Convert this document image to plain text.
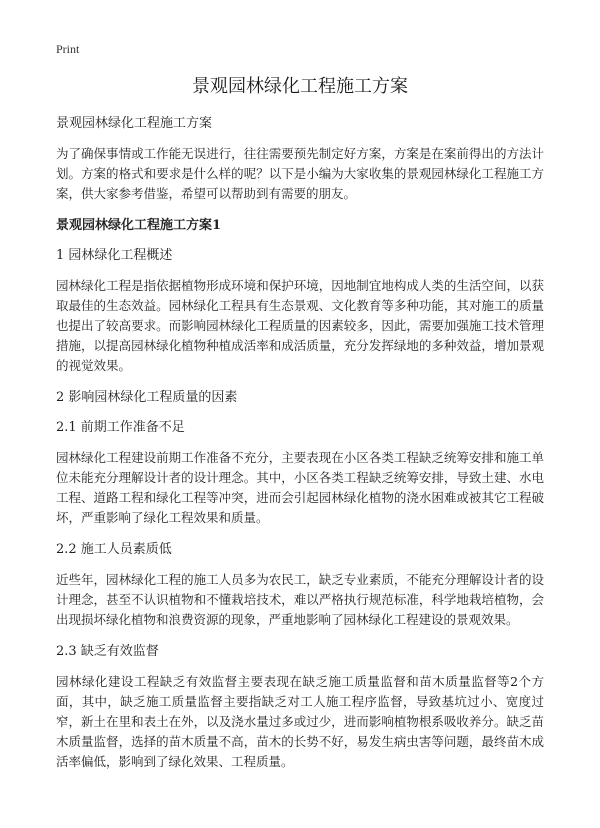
Print
景观园林绿化工程施工方案
景观园林绿化工程施工方案

为了确保事情或工作能无误进行，往往需要预先制定好方案，方案是在案前得出的方法计划。方案的格式和要求是什么样的呢？以下是小编为大家收集的景观园林绿化工程施工方案，供大家参考借鉴，希望可以帮助到有需要的朋友。

景观园林绿化工程施工方案1
1 园林绿化工程概述

园林绿化工程是指依据植物形成环境和保护环境，因地制宜地构成人类的生活空间，以获取最佳的生态效益。园林绿化工程具有生态景观、文化教育等多种功能，其对施工的质量也提出了较高要求。而影响园林绿化工程质量的因素较多，因此，需要加强施工技术管理措施，以提高园林绿化植物种植成活率和成活质量，充分发挥绿地的多种效益，增加景观的视觉效果。

2 影响园林绿化工程质量的因素
2.1 前期工作准备不足

园林绿化工程建设前期工作准备不充分，主要表现在小区各类工程缺乏统筹安排和施工单位未能充分理解设计者的设计理念。其中，小区各类工程缺乏统筹安排，导致土建、水电工程、道路工程和绿化工程等冲突，进而会引起园林绿化植物的浇水困难或被其它工程破坏，严重影响了绿化工程效果和质量。

2.2 施工人员素质低

近些年，园林绿化工程的施工人员多为农民工，缺乏专业素质，不能充分理解设计者的设计理念，甚至不认识植物和不懂栽培技术，难以严格执行规范标准，科学地栽培植物，会出现损坏绿化植物和浪费资源的现象，严重地影响了园林绿化工程建设的景观效果。

2.3 缺乏有效监督

园林绿化建设工程缺乏有效监督主要表现在缺乏施工质量监督和苗木质量监督等2个方面，其中，缺乏施工质量监督主要指缺乏对工人施工程序监督，导致基坑过小、宽度过窄，新土在里和表土在外，以及浇水量过多或过少，进而影响植物根系吸收养分。缺乏苗木质量监督，选择的苗木质量不高，苗木的长势不好，易发生病虫害等问题，最终苗木成活率偏低，影响到了绿化效果、工程质量。
